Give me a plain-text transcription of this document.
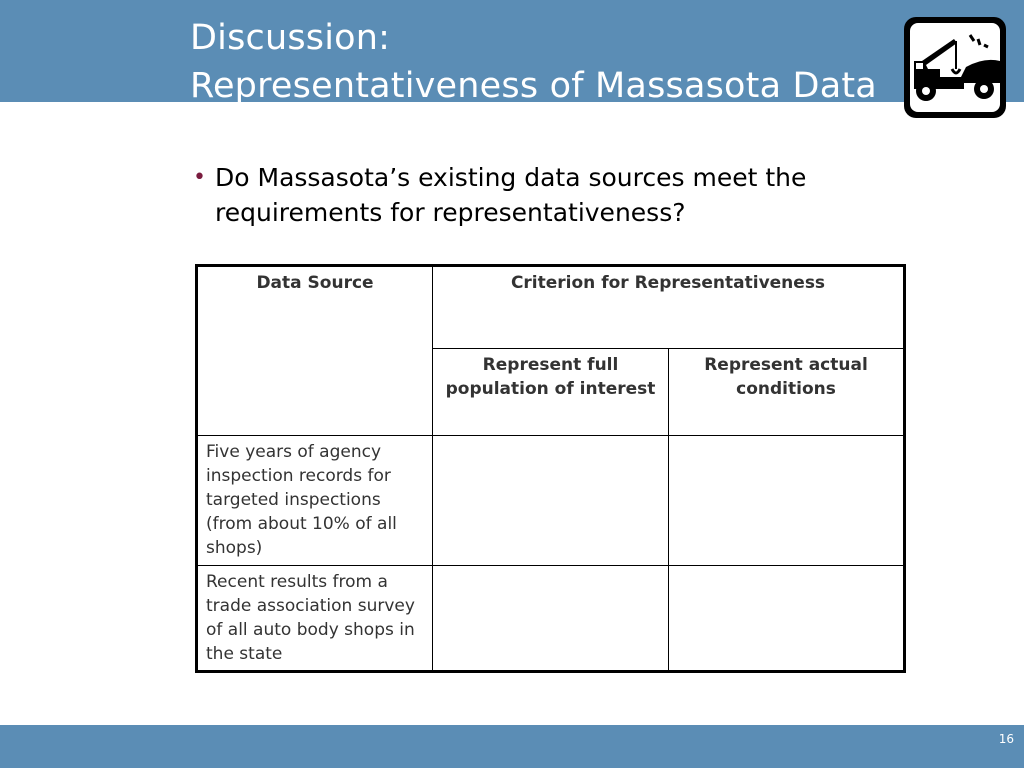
Discussion:
Representativeness of Massasota Data
• Do Massasota’s existing data sources meet the requirements for representativeness?
Data Source	Criterion for Representativeness	
	Represent full population of interest	Represent actual conditions
Five years of agency inspection records for targeted inspections (from about 10% of all shops)		
Recent results from a trade association survey of all auto body shops in the state		
16
